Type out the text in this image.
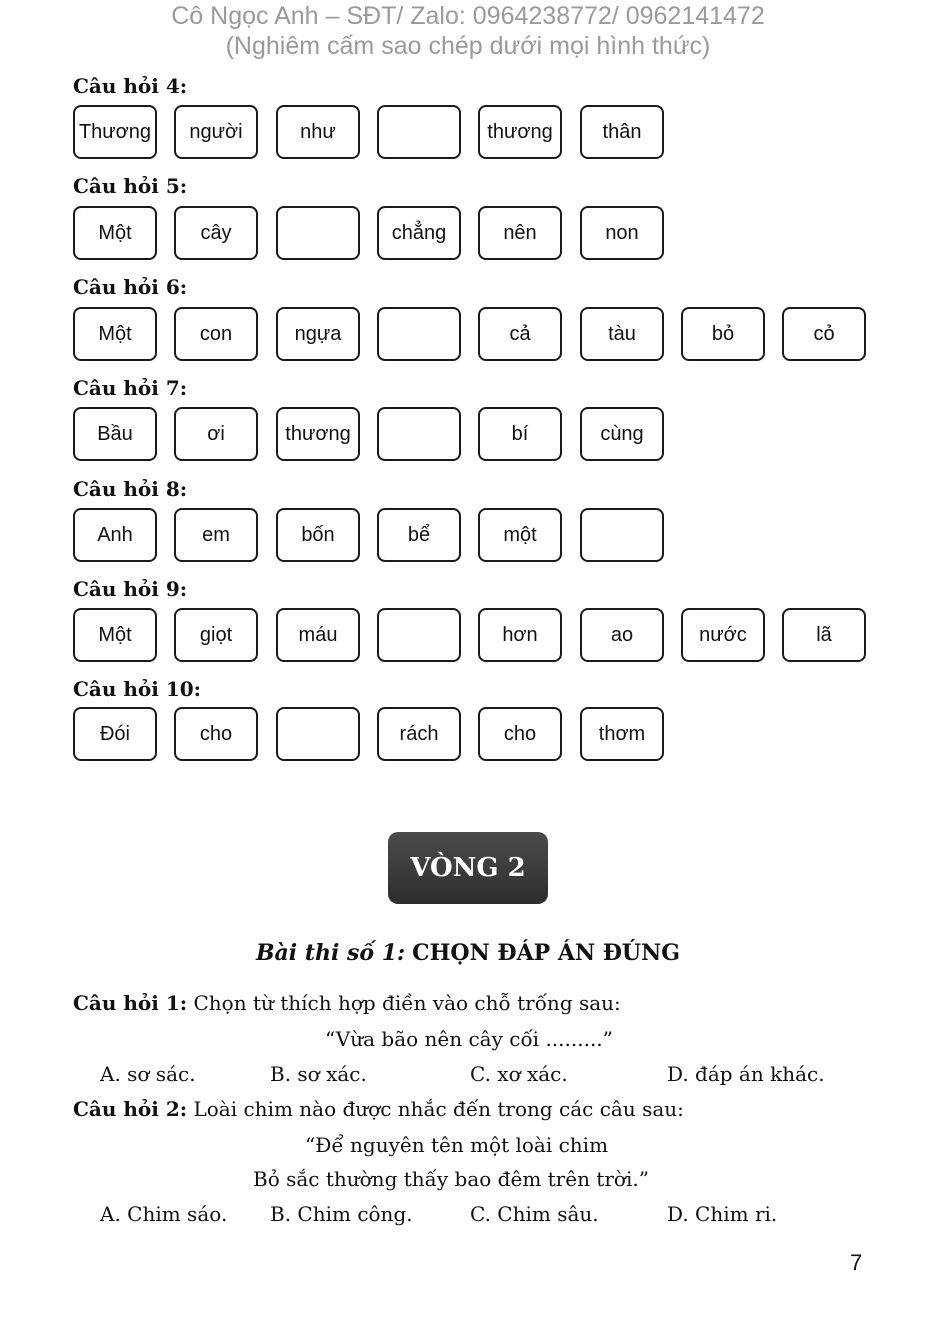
Cô Ngọc Anh – SĐT/ Zalo: 0964238772/ 0962141472
(Nghiêm cấm sao chép dưới mọi hình thức)
Câu hỏi 4:
Thương	người	như	thương	thân
Câu hỏi 5:
Một	cây	chẳng	nên	non
Câu hỏi 6:
Một	con	ngựa	cả	tàu	bỏ	cỏ
Câu hỏi 7:
Bầu	ơi	thương	bí	cùng
Câu hỏi 8:
Anh	em	bốn	bể	một
Câu hỏi 9:
Một	giọt	máu	hơn	ao	nước	lã
Câu hỏi 10:
Đói	cho	rách	cho	thơm
VÒNG 2
Bài thi số 1: CHỌN ĐÁP ÁN ĐÚNG
Câu hỏi 1: Chọn từ thích hợp điền vào chỗ trống sau:
“Vừa bão nên cây cối .........”
A. sơ sác.	B. sơ xác.	C. xơ xác.	D. đáp án khác.
Câu hỏi 2: Loài chim nào được nhắc đến trong các câu sau:
“Để nguyên tên một loài chim
Bỏ sắc thường thấy bao đêm trên trời.”
A. Chim sáo. B. Chim công.	C. Chim sâu.	D. Chim ri.
7
